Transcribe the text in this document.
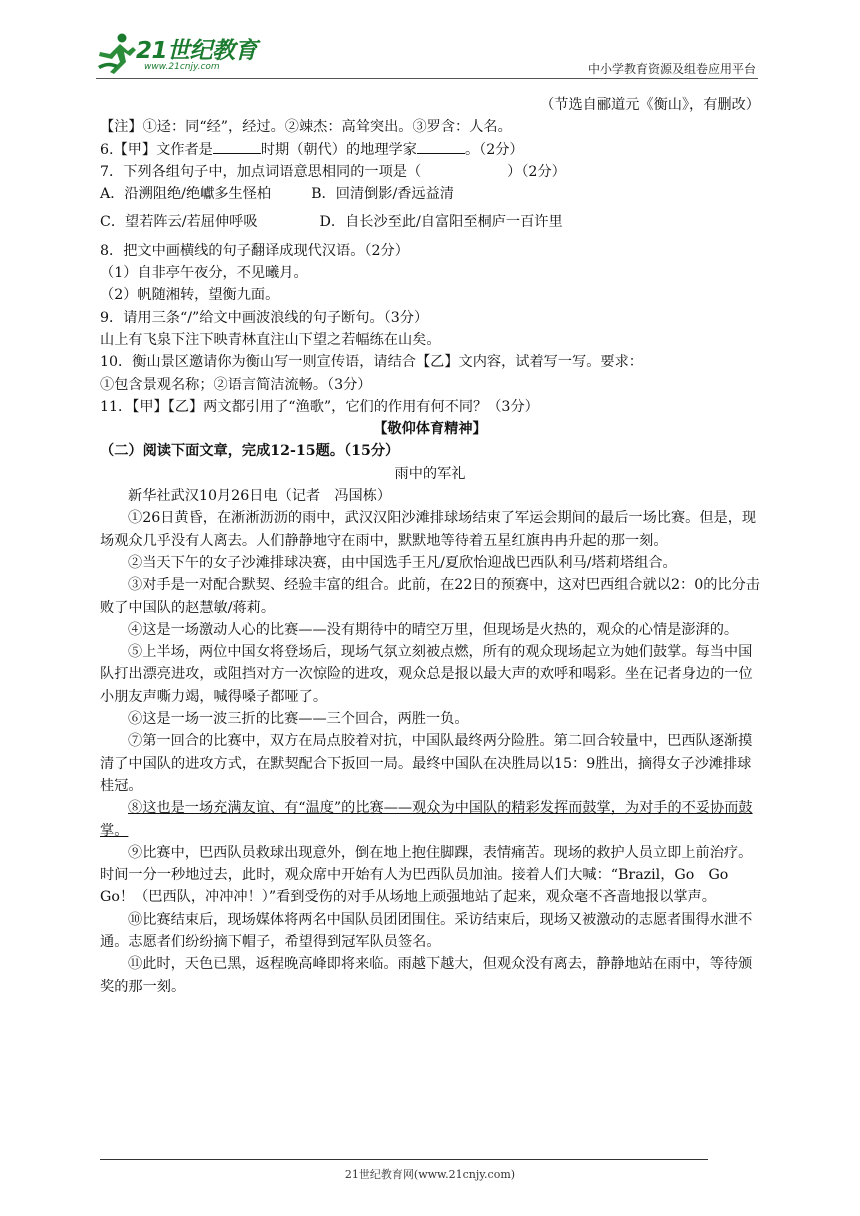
21世纪教育
www.21cnjy.com	中小学教育资源及组卷应用平台

（节选自郦道元《衡山》，有删改）

【注】①迳：同“经”，经过。②竦杰：高耸突出。③罗含：人名。

6.【甲】文作者是	时期（朝代）的地理学家	。（2分）

7．下列各组句子中，加点词语意思相同的一项是（	）（2分）

A．沿溯阻绝/绝巘多生怪柏	B．回清倒影/香远益清

C．望若阵云/若屈伸呼吸	D．自长沙至此/自富阳至桐庐一百许里

8．把文中画横线的句子翻译成现代汉语。（2分）

（1）自非亭午夜分，不见曦月。

（2）帆随湘转，望衡九面。

9．请用三条“/”给文中画波浪线的句子断句。（3分）

山上有飞泉下注下映青林直注山下望之若幅练在山矣。

10．衡山景区邀请你为衡山写一则宣传语，请结合【乙】文内容，试着写一写。要求：

①包含景观名称；②语言简洁流畅。（3分）

11．【甲】【乙】两文都引用了“渔歌”，它们的作用有何不同？（3分）

【敬仰体育精神】

（二）阅读下面文章，完成12-15题。（15分）

雨中的军礼

新华社武汉10月26日电（记者　冯国栋）

①26日黄昏，在淅淅沥沥的雨中，武汉汉阳沙滩排球场结束了军运会期间的最后一场比赛。但是，现场观众几乎没有人离去。人们静静地守在雨中，默默地等待着五星红旗冉冉升起的那一刻。

②当天下午的女子沙滩排球决赛，由中国选手王凡/夏欣怡迎战巴西队利马/塔莉塔组合。

③对手是一对配合默契、经验丰富的组合。此前，在22日的预赛中，这对巴西组合就以2：0的比分击败了中国队的赵慧敏/蒋莉。

④这是一场激动人心的比赛——没有期待中的晴空万里，但现场是火热的，观众的心情是澎湃的。

⑤上半场，两位中国女将登场后，现场气氛立刻被点燃，所有的观众现场起立为她们鼓掌。每当中国队打出漂亮进攻，或阻挡对方一次惊险的进攻，观众总是报以最大声的欢呼和喝彩。坐在记者身边的一位小朋友声嘶力竭，喊得嗓子都哑了。

⑥这是一场一波三折的比赛——三个回合，两胜一负。

⑦第一回合的比赛中，双方在局点胶着对抗，中国队最终两分险胜。第二回合较量中，巴西队逐渐摸清了中国队的进攻方式，在默契配合下扳回一局。最终中国队在决胜局以15：9胜出，摘得女子沙滩排球桂冠。

⑧这也是一场充满友谊、有“温度”的比赛——观众为中国队的精彩发挥而鼓掌，为对手的不妥协而鼓掌。

⑨比赛中，巴西队员救球出现意外，倒在地上抱住脚踝，表情痛苦。现场的救护人员立即上前治疗。时间一分一秒地过去，此时，观众席中开始有人为巴西队员加油。接着人们大喊：“Brazil，Go　Go　Go！（巴西队，冲冲冲！）”看到受伤的对手从场地上顽强地站了起来，观众毫不吝啬地报以掌声。

⑩比赛结束后，现场媒体将两名中国队员团团围住。采访结束后，现场又被激动的志愿者围得水泄不通。志愿者们纷纷摘下帽子，希望得到冠军队员签名。

⑪此时，天色已黑，返程晚高峰即将来临。雨越下越大，但观众没有离去，静静地站在雨中，等待颁奖的那一刻。

21世纪教育网(www.21cnjy.com)
